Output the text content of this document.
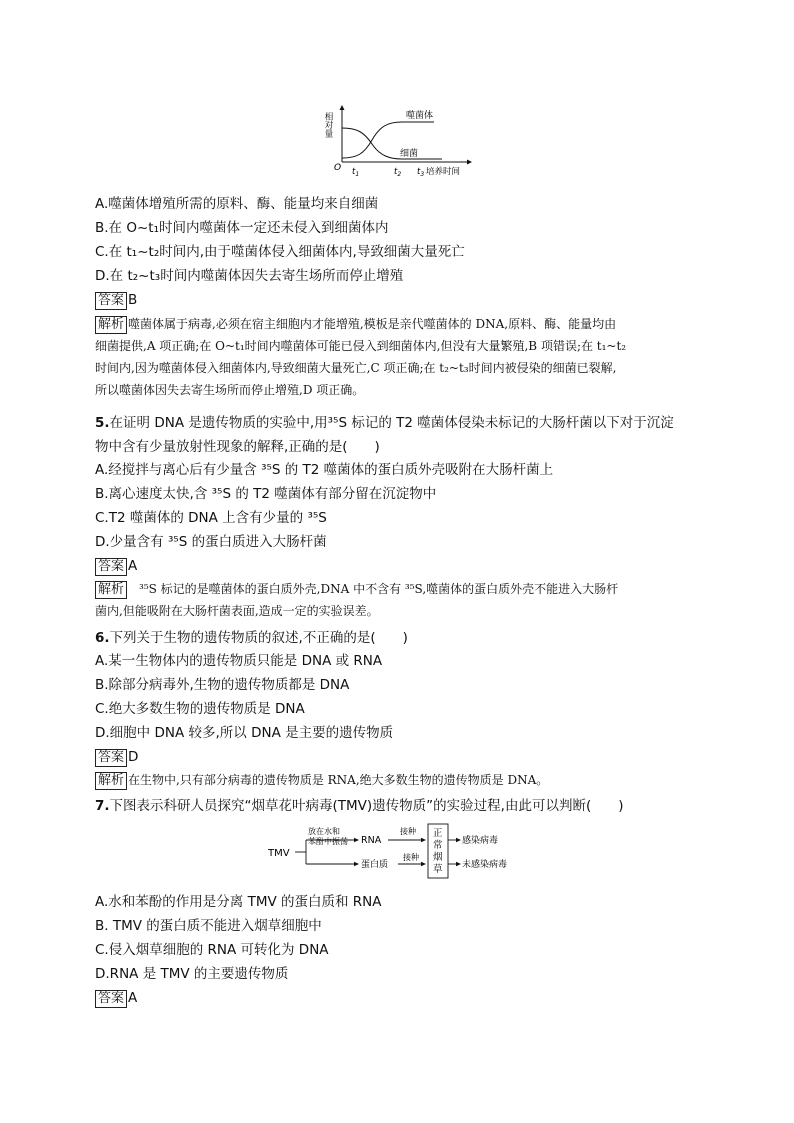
相对量
O
噬菌体
细菌
$t_1$	$t_2$ $t_3$ 培养时间
A.噬菌体增殖所需的原料、酶、能量均来自细菌
B.在 O~t₁时间内噬菌体一定还未侵入到细菌体内
C.在 t₁~t₂时间内,由于噬菌体侵入细菌体内,导致细菌大量死亡
D.在 t₂~t₃时间内噬菌体因失去寄生场所而停止增殖
答案 B
解析 噬菌体属于病毒,必须在宿主细胞内才能增殖,模板是亲代噬菌体的 DNA,原料、酶、能量均由
细菌提供,A 项正确;在 O~t₁时间内噬菌体可能已侵入到细菌体内,但没有大量繁殖,B 项错误;在 t₁~t₂
时间内,因为噬菌体侵入细菌体内,导致细菌大量死亡,C 项正确;在 t₂~t₃时间内被侵染的细菌已裂解,
所以噬菌体因失去寄生场所而停止增殖,D 项正确。
5.在证明 DNA 是遗传物质的实验中,用³⁵S 标记的 T2 噬菌体侵染未标记的大肠杆菌以下对于沉淀
物中含有少量放射性现象的解释,正确的是(　　)
A.经搅拌与离心后有少量含 ³⁵S 的 T2 噬菌体的蛋白质外壳吸附在大肠杆菌上
B.离心速度太快,含 ³⁵S 的 T2 噬菌体有部分留在沉淀物中
C.T2 噬菌体的 DNA 上含有少量的 ³⁵S
D.少量含有 ³⁵S 的蛋白质进入大肠杆菌
答案 A
解析 ³⁵S 标记的是噬菌体的蛋白质外壳,DNA 中不含有 ³⁵S,噬菌体的蛋白质外壳不能进入大肠杆
菌内,但能吸附在大肠杆菌表面,造成一定的实验误差。
6.下列关于生物的遗传物质的叙述,不正确的是(　　)
A.某一生物体内的遗传物质只能是 DNA 或 RNA
B.除部分病毒外,生物的遗传物质都是 DNA
C.绝大多数生物的遗传物质是 DNA
D.细胞中 DNA 较多,所以 DNA 是主要的遗传物质
答案 D
解析 在生物中,只有部分病毒的遗传物质是 RNA,绝大多数生物的遗传物质是 DNA。
7.下图表示科研人员探究“烟草花叶病毒(TMV)遗传物质”的实验过程,由此可以判断(　　)
TMV
放在水和
苯酚中振荡 RNA
蛋白质
接种
接种
正
常
烟
草
感染病毒
未感染病毒
A.水和苯酚的作用是分离 TMV 的蛋白质和 RNA
B. TMV 的蛋白质不能进入烟草细胞中
C.侵入烟草细胞的 RNA 可转化为 DNA
D.RNA 是 TMV 的主要遗传物质
答案 A
